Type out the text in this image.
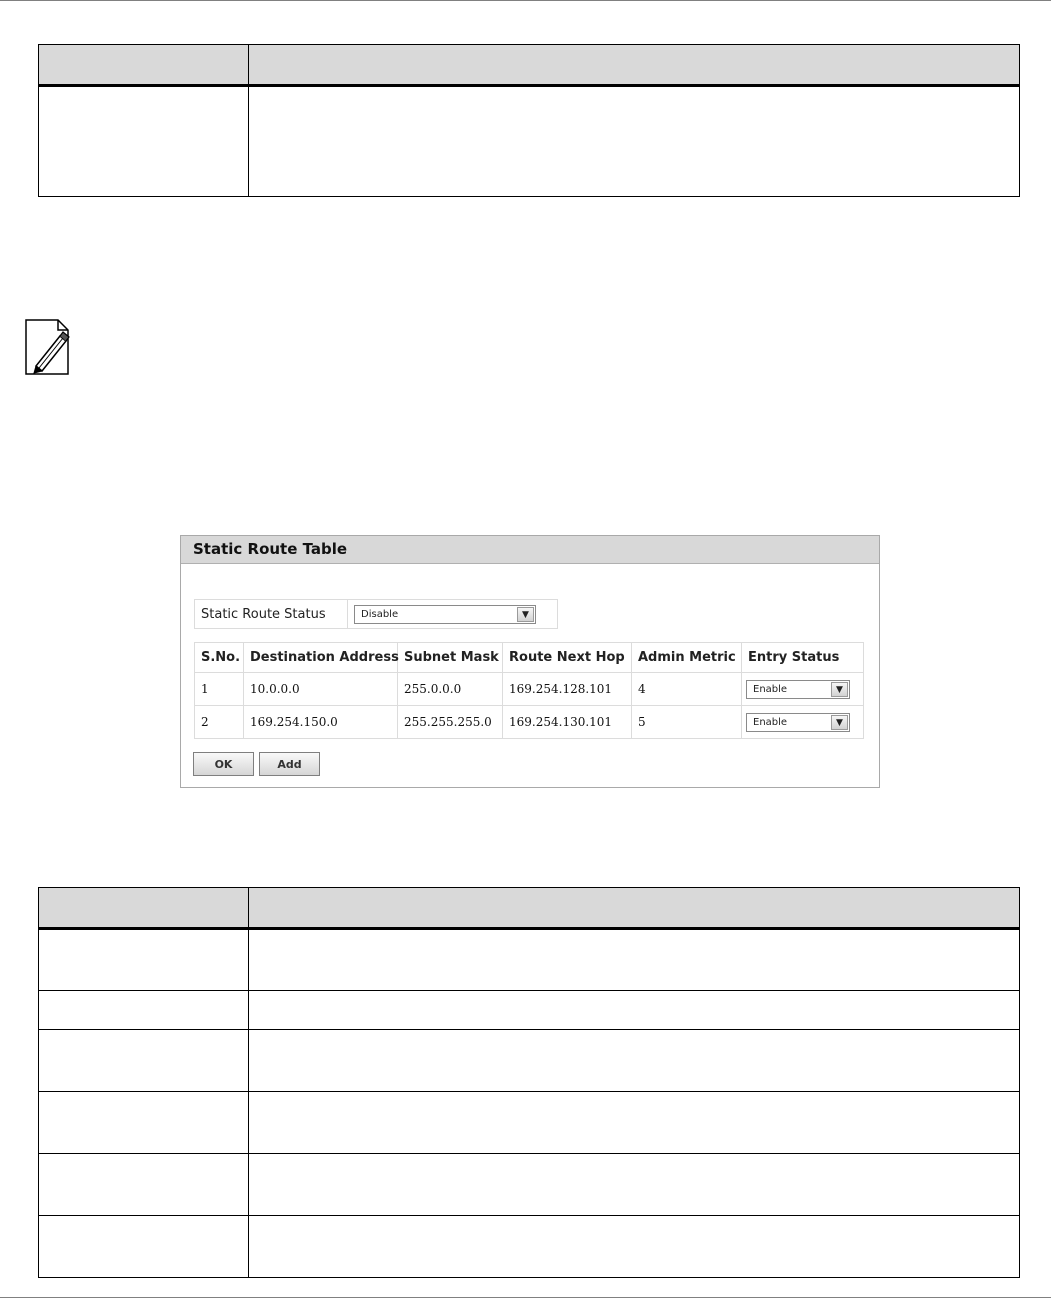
Static Route Table
Static Route Status	Disable	▼
S.No.	Destination Address	Subnet Mask	Route Next Hop	Admin Metric	Entry Status
1	10.0.0.0	255.0.0.0	169.254.128.101	4	Enable ▼

2	169.254.150.0	255.255.255.0	169.254.130.101	5	Enable ▼
OK	Add
